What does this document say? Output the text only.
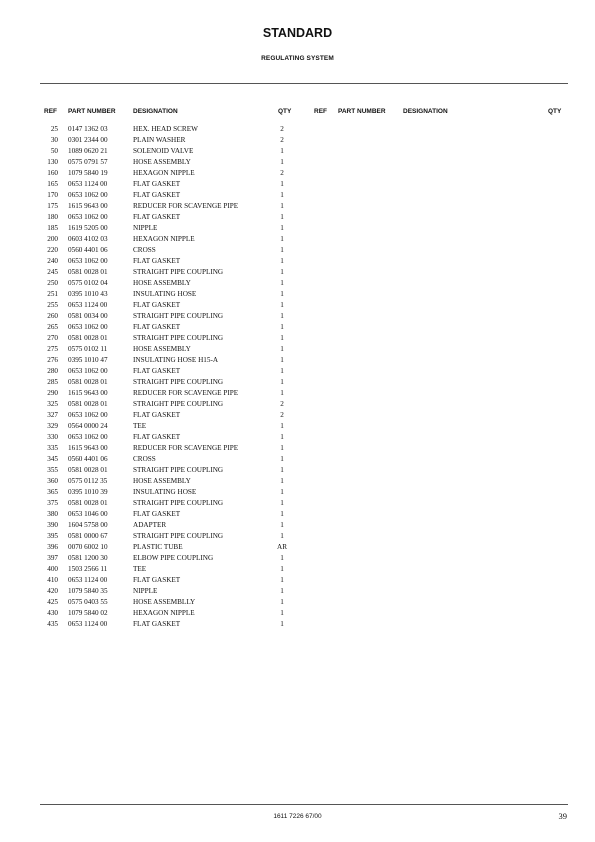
STANDARD
REGULATING SYSTEM
REF PART NUMBER	DESIGNATION	QTY	REF PART NUMBER	DESIGNATION	QTY
25 0147 1362 03	HEX. HEAD SCREW	2
30 0301 2344 00	PLAIN WASHER	2
50 1089 0620 21	SOLENOID VALVE	1
130 0575 0791 57	HOSE ASSEMBLY	1
160 1079 5840 19	HEXAGON NIPPLE	2
165 0653 1124 00	FLAT GASKET	1
170 0653 1062 00	FLAT GASKET	1
175 1615 9643 00	REDUCER FOR SCAVENGE PIPE	1
180 0653 1062 00	FLAT GASKET	1
185 1619 5205 00	NIPPLE	1
200 0603 4102 03	HEXAGON NIPPLE	1
220 0560 4401 06	CROSS	1
240 0653 1062 00	FLAT GASKET	1
245 0581 0028 01	STRAIGHT PIPE COUPLING	1
250 0575 0102 04	HOSE ASSEMBLY	1
251 0395 1010 43	INSULATING HOSE	1
255 0653 1124 00	FLAT GASKET	1
260 0581 0034 00	STRAIGHT PIPE COUPLING	1
265 0653 1062 00	FLAT GASKET	1
270 0581 0028 01	STRAIGHT PIPE COUPLING	1
275 0575 0102 11	HOSE ASSEMBLY	1
276 0395 1010 47	INSULATING HOSE H15-A	1
280 0653 1062 00	FLAT GASKET	1
285 0581 0028 01	STRAIGHT PIPE COUPLING	1
290 1615 9643 00	REDUCER FOR SCAVENGE PIPE	1
325 0581 0028 01	STRAIGHT PIPE COUPLING	2
327 0653 1062 00	FLAT GASKET	2
329 0564 0000 24	TEE	1
330 0653 1062 00	FLAT GASKET	1
335 1615 9643 00	REDUCER FOR SCAVENGE PIPE	1
345 0560 4401 06	CROSS	1
355 0581 0028 01	STRAIGHT PIPE COUPLING	1
360 0575 0112 35	HOSE ASSEMBLY	1
365 0395 1010 39	INSULATING HOSE	1
375 0581 0028 01	STRAIGHT PIPE COUPLING	1
380 0653 1046 00	FLAT GASKET	1
390 1604 5758 00	ADAPTER	1
395 0581 0000 67	STRAIGHT PIPE COUPLING	1
396 0070 6002 10	PLASTIC TUBE	AR
397 0581 1200 30	ELBOW PIPE COUPLING	1
400 1503 2566 11	TEE	1
410 0653 1124 00	FLAT GASKET	1
420 1079 5840 35	NIPPLE	1
425 0575 0403 55	HOSE ASSEMBLLY	1
430 1079 5840 02	HEXAGON NIPPLE	1
435 0653 1124 00	FLAT GASKET	1
1611 7226 67/00	39
